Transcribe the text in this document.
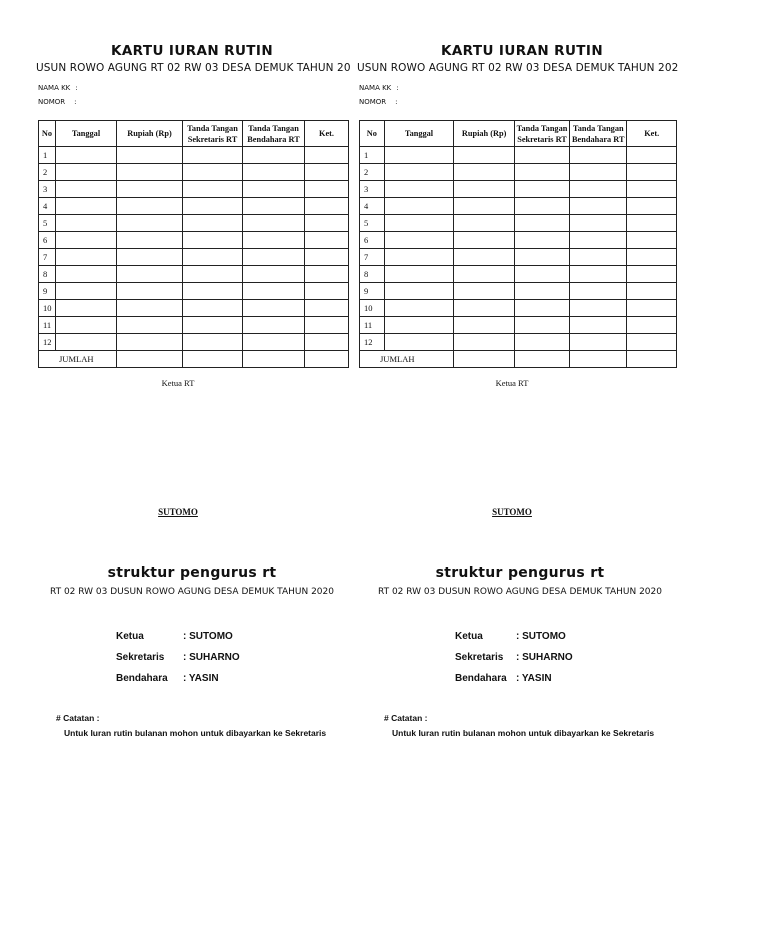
KARTU IURAN RUTIN
USUN ROWO AGUNG RT 02 RW 03 DESA DEMUK TAHUN 20
NAMA KK :
NOMOR :
No	Tanggal	Rupiah (Rp)	Tanda Tangan Sekretaris RT	Tanda Tangan Bendahara RT	Ket.
1					
2					
3					
4					
5					
6					
7					
8					
9					
10					
11					
12					
JUMLAH					
Ketua RT
SUTOMO
KARTU IURAN RUTIN
USUN ROWO AGUNG RT 02 RW 03 DESA DEMUK TAHUN 202
NAMA KK :
NOMOR :
No	Tanggal	Rupiah (Rp)	Tanda Tangan Sekretaris RT	Tanda Tangan Bendahara RT	Ket.
1					
2					
3					
4					
5					
6					
7					
8					
9					
10					
11					
12					
JUMLAH					
Ketua RT
SUTOMO
struktur pengurus rt
RT 02 RW 03 DUSUN ROWO AGUNG DESA DEMUK TAHUN 2020
Ketua	: SUTOMO
Sekretaris : SUHARNO
Bendahara : YASIN
# Catatan :
Untuk Iuran rutin bulanan mohon untuk dibayarkan ke Sekretaris
struktur pengurus rt
RT 02 RW 03 DUSUN ROWO AGUNG DESA DEMUK TAHUN 2020
Ketua	: SUTOMO
Sekretaris : SUHARNO
Bendahara : YASIN
# Catatan :
Untuk Iuran rutin bulanan mohon untuk dibayarkan ke Sekretaris
